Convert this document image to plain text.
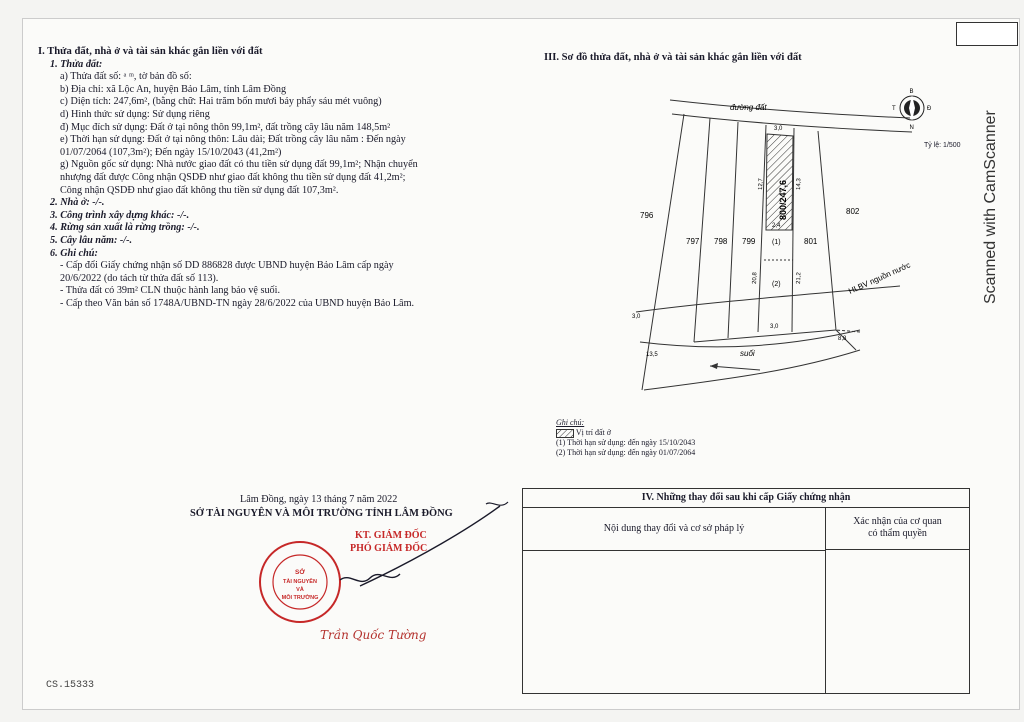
I. Thửa đất, nhà ở và tài sản khác gắn liền với đất
1. Thửa đất:
a) Thửa đất số: ᵃ ᵐ, tờ bản đồ số:
b) Địa chỉ: xã Lộc An, huyện Bảo Lâm, tỉnh Lâm Đồng
c) Diện tích: 247,6m², (bằng chữ: Hai trăm bốn mươi bảy phẩy sáu mét vuông)
d) Hình thức sử dụng: Sử dụng riêng
đ) Mục đích sử dụng: Đất ở tại nông thôn 99,1m², đất trồng cây lâu năm 148,5m²
e) Thời hạn sử dụng: Đất ở tại nông thôn: Lâu dài; Đất trồng cây lâu năm : Đến ngày
01/07/2064 (107,3m²); Đến ngày 15/10/2043 (41,2m²)
g) Nguồn gốc sử dụng: Nhà nước giao đất có thu tiền sử dụng đất 99,1m²; Nhận chuyển
nhượng đất được Công nhận QSDĐ như giao đất không thu tiền sử dụng đất 41,2m²;
Công nhận QSDĐ như giao đất không thu tiền sử dụng đất 107,3m².
2. Nhà ở: -/-.
3. Công trình xây dựng khác: -/-.
4. Rừng sản xuất là rừng trồng: -/-.
5. Cây lâu năm: -/-.
6. Ghi chú:
- Cấp đổi Giấy chứng nhận số DD 886828 được UBND huyện Bảo Lâm cấp ngày
20/6/2022 (do tách từ thửa đất số 113).
- Thửa đất có 39m² CLN thuộc hành lang bảo vệ suối.
- Cấp theo Văn bản số 1748A/UBND-TN ngày 28/6/2022 của UBND huyện Bảo Lâm.
III. Sơ đồ thửa đất, nhà ở và tài sản khác gắn liền với đất
đường đất
800/247,6
HLBV nguồn nước
suối
796
797 798 799	801
802
(1)
(2)
3,0
3,0
13,5
3,0
8,8
20,8	21,2
12,7	14,3
2,4
B
N
T	Đ
Tỷ lệ: 1/500
Ghi chú:
Vị trí đất ở
(1) Thời hạn sử dụng: đến ngày 15/10/2043
(2) Thời hạn sử dụng: đến ngày 01/07/2064
Lâm Đồng, ngày 13 tháng 7 năm 2022
SỞ TÀI NGUYÊN VÀ MÔI TRƯỜNG TỈNH LÂM ĐỒNG
KT. GIÁM ĐỐC
PHÓ GIÁM ĐỐC
SỞ
TÀI NGUYÊN
VÀ
MÔI TRƯỜNG
Trần Quốc Tường
CS.15333
IV. Những thay đổi sau khi cấp Giấy chứng nhận
Nội dung thay đổi và cơ sở pháp lý
Xác nhận của cơ quan
có thẩm quyền
Scanned with CamScanner
